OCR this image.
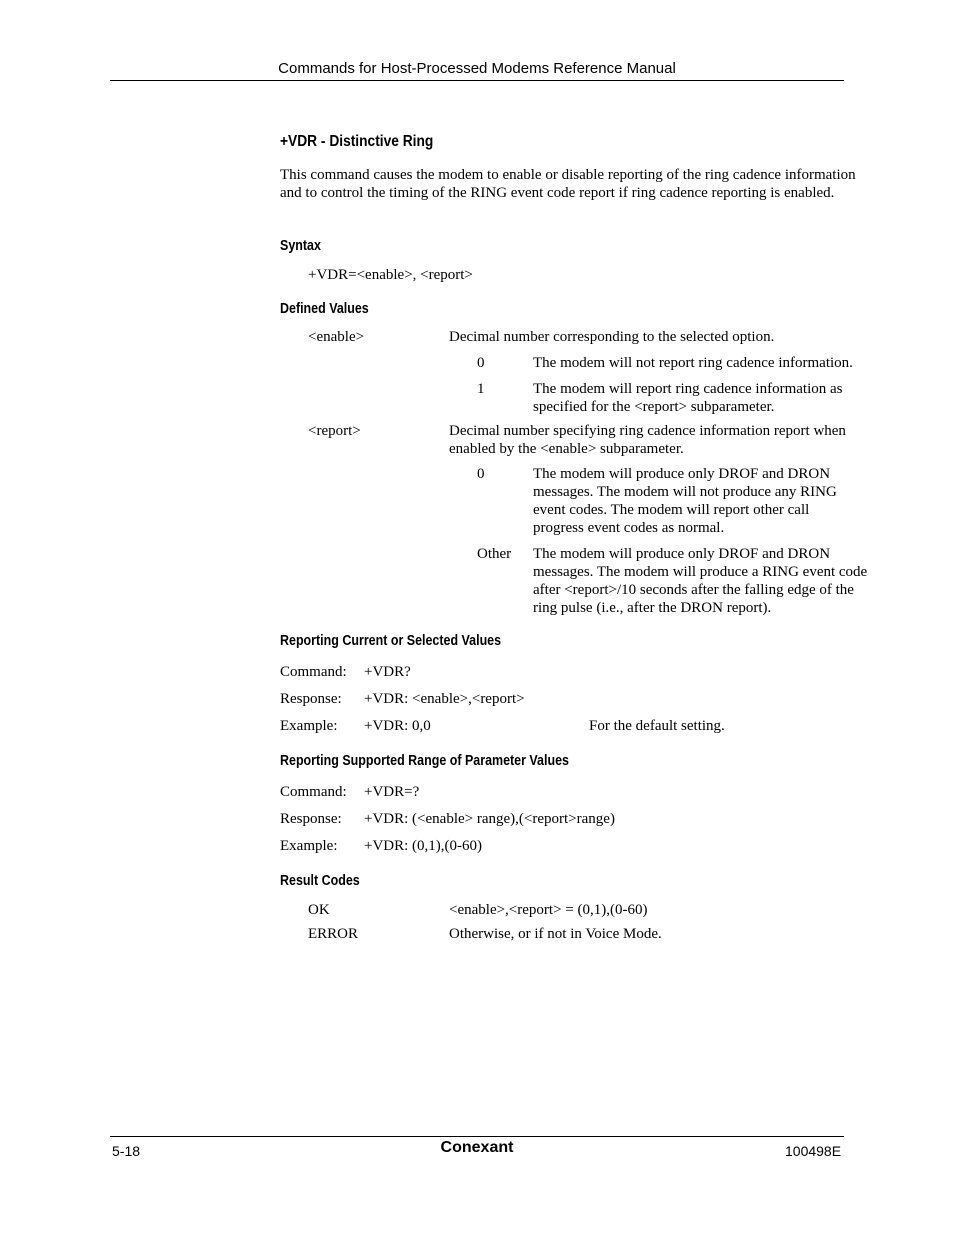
Commands for Host-Processed Modems Reference Manual
+VDR - Distinctive Ring
This command causes the modem to enable or disable reporting of the ring cadence information and to control the timing of the RING event code report if ring cadence reporting is enabled.
Syntax
+VDR=<enable>, <report>
Defined Values
<enable>	Decimal number corresponding to the selected option.
0	The modem will not report ring cadence information.
1	The modem will report ring cadence information as specified for the <report> subparameter.
<report>	Decimal number specifying ring cadence information report when enabled by the <enable> subparameter.
0	The modem will produce only DROF and DRON messages. The modem will not produce any RING event codes. The modem will report other call progress event codes as normal.
Other The modem will produce only DROF and DRON messages. The modem will produce a RING event code after <report>/10 seconds after the falling edge of the ring pulse (i.e., after the DRON report).
Reporting Current or Selected Values
Command: +VDR?
Response: +VDR: <enable>,<report>
Example: +VDR: 0,0	For the default setting.
Reporting Supported Range of Parameter Values
Command: +VDR=?
Response: +VDR: (<enable> range),(<report>range)
Example: +VDR: (0,1),(0-60)
Result Codes
OK	<enable>,<report> = (0,1),(0-60)
ERROR	Otherwise, or if not in Voice Mode.
5-18	Conexant	100498E
